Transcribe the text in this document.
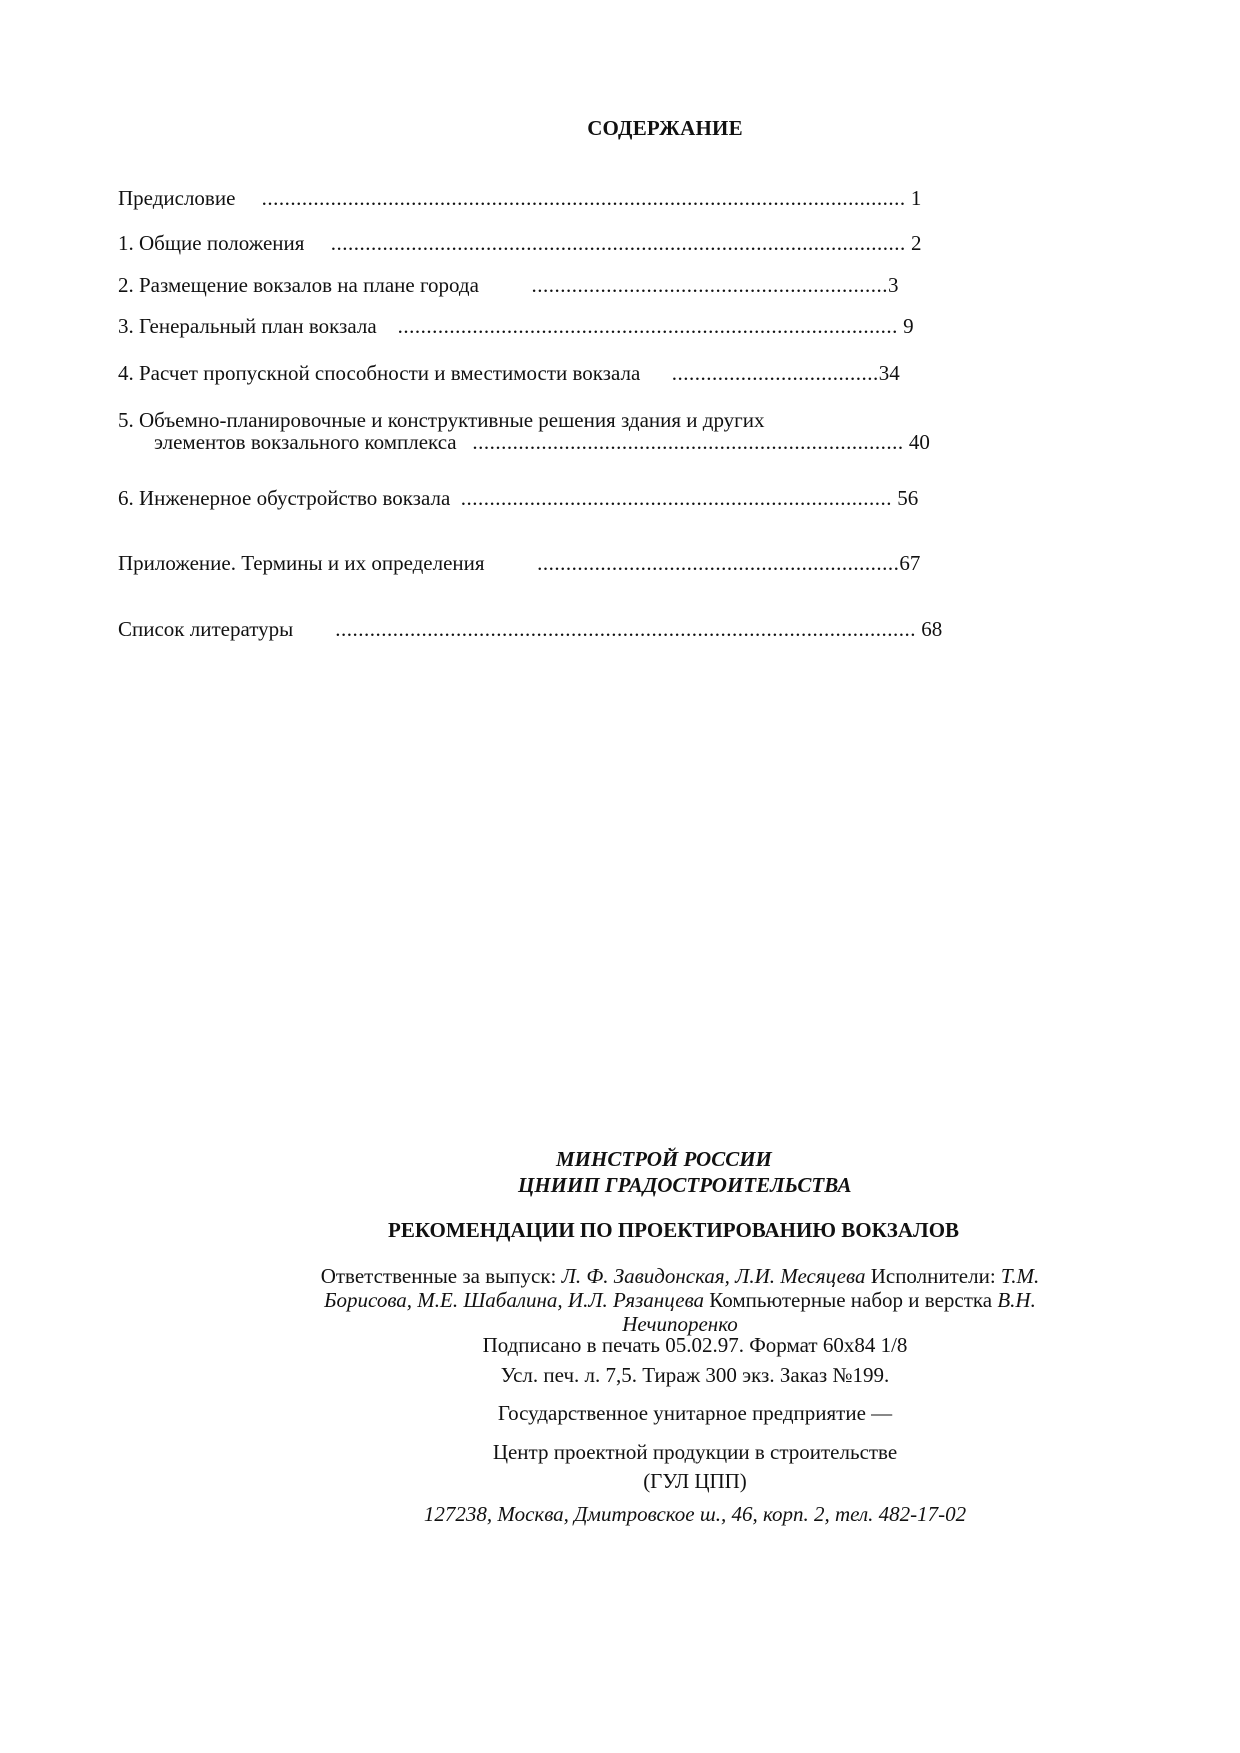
СОДЕРЖАНИЕ
Предисловие ................................................................................................................ 1
1. Общие положения .................................................................................................... 2
2. Размещение вокзалов на плане города	..............................................................3
3. Генеральный план вокзала ....................................................................................... 9
4. Расчет пропускной способности и вместимости вокзала ....................................34
5. Объемно-планировочные и конструктивные решения здания и других
элементов вокзального комплекса ........................................................................... 40
6. Инженерное обустройство вокзала ........................................................................... 56
Приложение. Термины и их определения	...............................................................67
Список литературы ..................................................................................................... 68
МИНСТРОЙ РОССИИ
ЦНИИП ГРАДОСТРОИТЕЛЬСТВА
РЕКОМЕНДАЦИИ ПО ПРОЕКТИРОВАНИЮ ВОКЗАЛОВ
Ответственные за выпуск: Л. Ф. Завидонская, Л.И. Месяцева Исполнители: Т.М. Борисова, М.Е. Шабалина, И.Л. Рязанцева Компьютерные набор и верстка В.Н. Нечипоренко
Подписано в печать 05.02.97. Формат 60x84 1/8
Усл. печ. л. 7,5. Тираж 300 экз. Заказ №199.
Государственное унитарное предприятие —
Центр проектной продукции в строительстве
(ГУЛ ЦПП)
127238, Москва, Дмитровское ш., 46, корп. 2, тел. 482-17-02
